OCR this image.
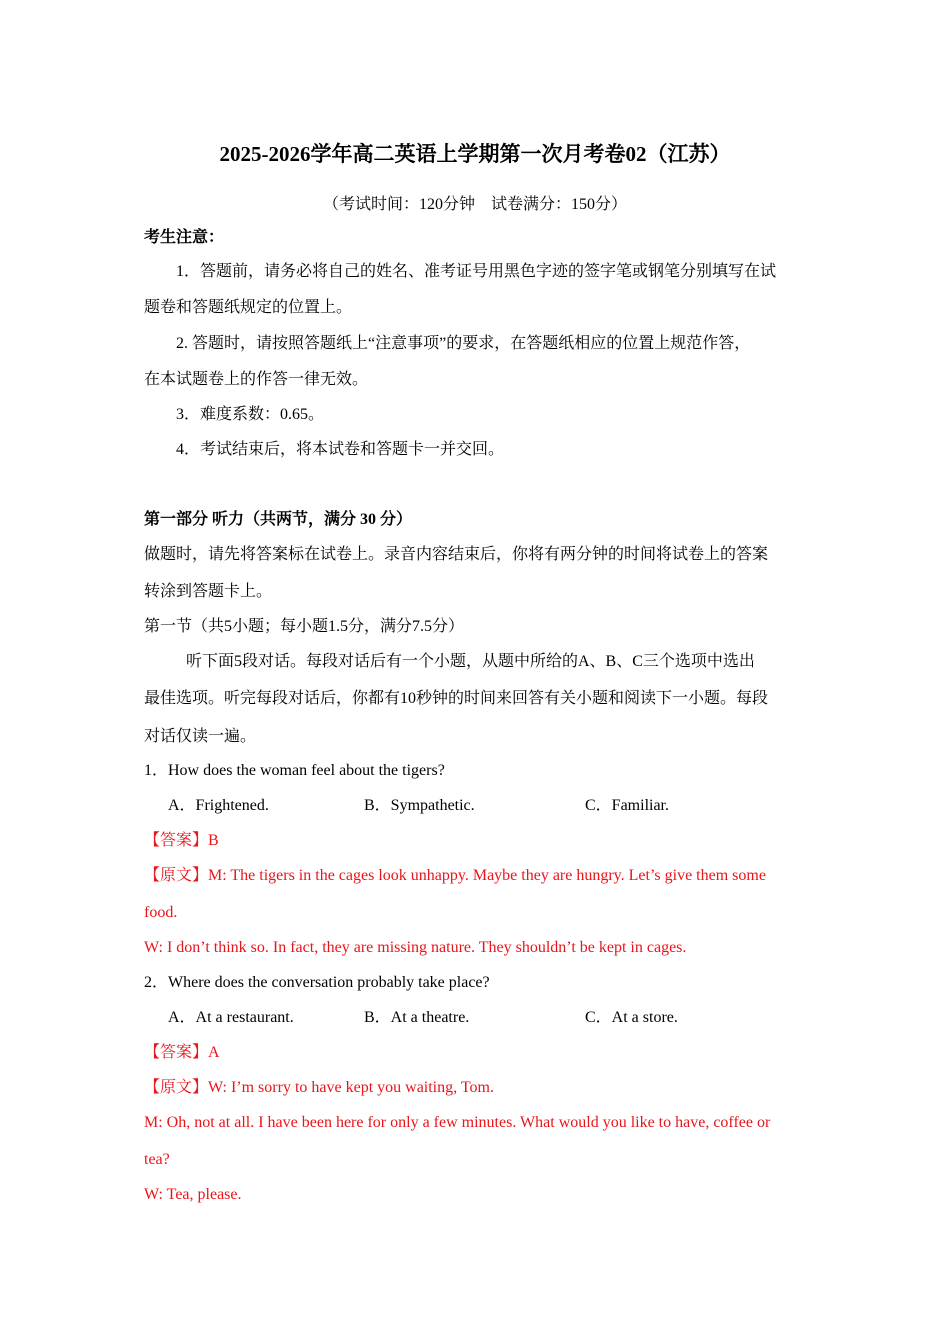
2025-2026学年高二英语上学期第一次月考卷02（江苏）
（考试时间：120分钟　试卷满分：150分）
考生注意：
1．答题前，请务必将自己的姓名、准考证号用黑色字迹的签字笔或钢笔分别填写在试
题卷和答题纸规定的位置上。
2. 答题时，请按照答题纸上“注意事项”的要求，在答题纸相应的位置上规范作答，
在本试题卷上的作答一律无效。
3．难度系数：0.65。
4．考试结束后，将本试卷和答题卡一并交回。
第一部分 听力（共两节，满分 30 分）
做题时，请先将答案标在试卷上。录音内容结束后，你将有两分钟的时间将试卷上的答案
转涂到答题卡上。
第一节（共5小题；每小题1.5分，满分7.5分）
听下面5段对话。每段对话后有一个小题，从题中所给的A、B、C三个选项中选出
最佳选项。听完每段对话后，你都有10秒钟的时间来回答有关小题和阅读下一小题。每段
对话仅读一遍。
1．How does the woman feel about the tigers?
A．Frightened.	B．Sympathetic.	C．Familiar.
【答案】B
【原文】M: The tigers in the cages look unhappy. Maybe they are hungry. Let’s give them some
food.
W: I don’t think so. In fact, they are missing nature. They shouldn’t be kept in cages.
2．Where does the conversation probably take place?
A．At a restaurant.	B．At a theatre.	C．At a store.
【答案】A
【原文】W: I’m sorry to have kept you waiting, Tom.
M: Oh, not at all. I have been here for only a few minutes. What would you like to have, coffee or
tea?
W: Tea, please.
